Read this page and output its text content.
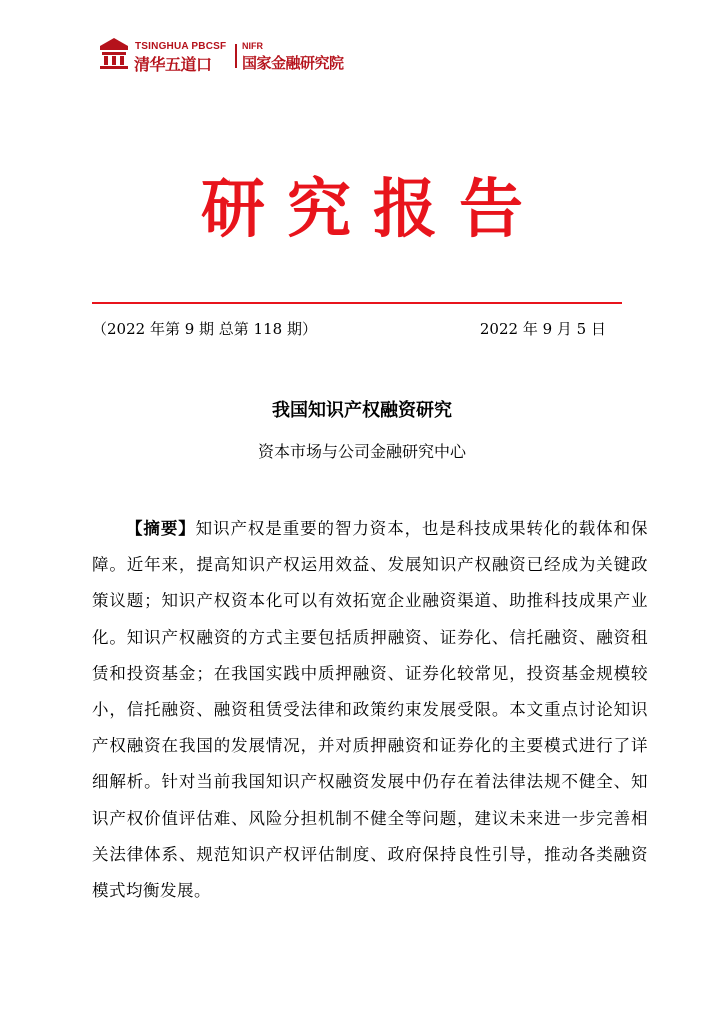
TSINGHUA PBCSF
清华五道口
NIFR
国家金融研究院
研究报告
（2022 年第 9 期 总第 118 期）	2022 年 9 月 5 日
我国知识产权融资研究
资本市场与公司金融研究中心

【摘要】知识产权是重要的智力资本，也是科技成果转化的载体和保障。近年来，提高知识产权运用效益、发展知识产权融资已经成为关键政策议题；知识产权资本化可以有效拓宽企业融资渠道、助推科技成果产业化。知识产权融资的方式主要包括质押融资、证券化、信托融资、融资租赁和投资基金；在我国实践中质押融资、证券化较常见，投资基金规模较小，信托融资、融资租赁受法律和政策约束发展受限。本文重点讨论知识产权融资在我国的发展情况，并对质押融资和证券化的主要模式进行了详细解析。针对当前我国知识产权融资发展中仍存在着法律法规不健全、知识产权价值评估难、风险分担机制不健全等问题，建议未来进一步完善相关法律体系、规范知识产权评估制度、政府保持良性引导，推动各类融资模式均衡发展。
